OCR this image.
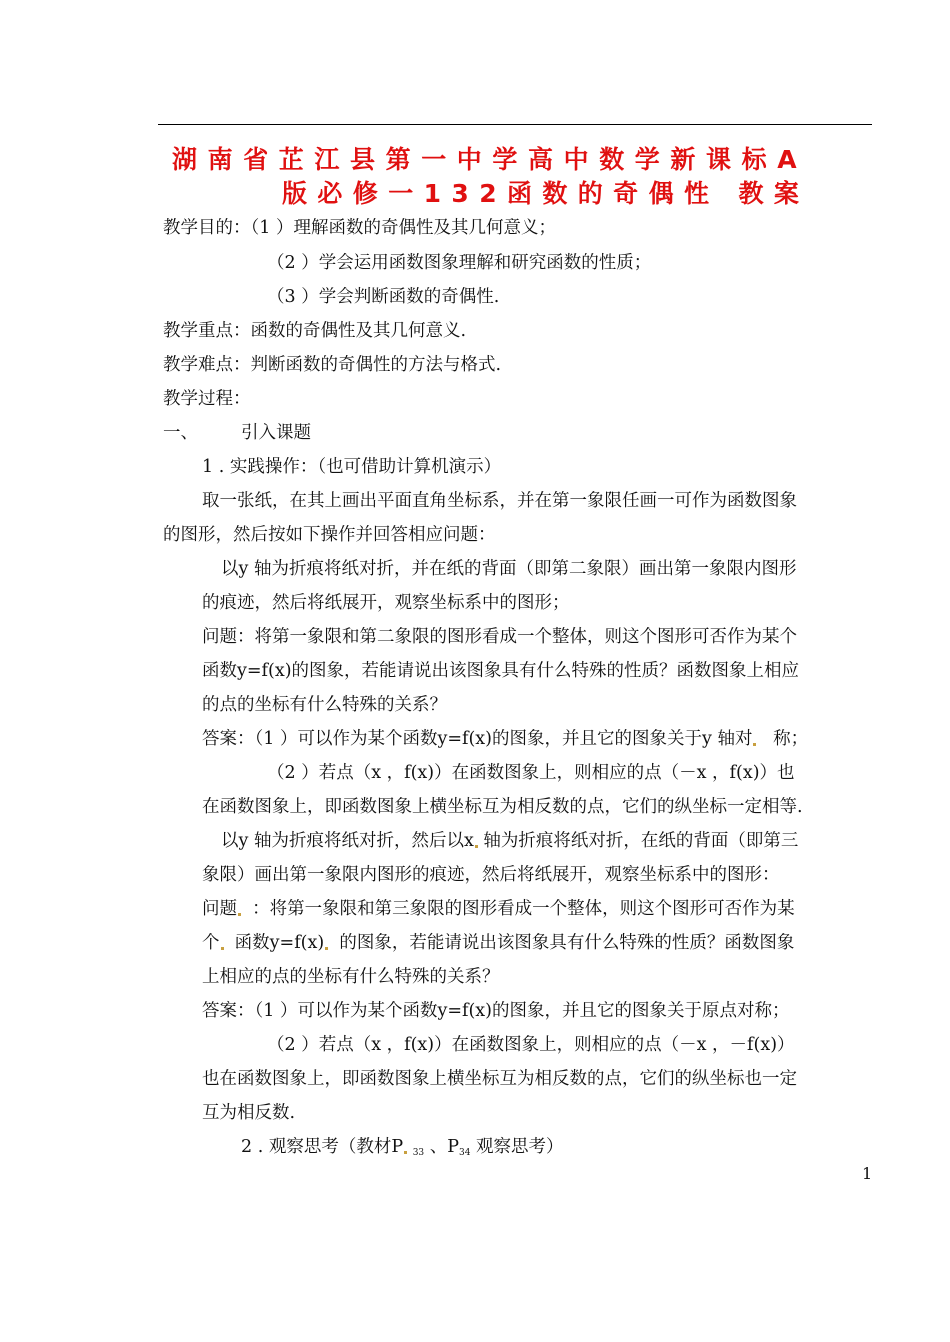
湖南省芷江县第一中学高中数学新课标A
版必修一132函数的奇偶性 教案
教学目的：（1 ）理解函数的奇偶性及其几何意义；
（2 ）学会运用函数图象理解和研究函数的性质；
（3 ）学会判断函数的奇偶性.
教学重点：函数的奇偶性及其几何意义.
教学难点：判断函数的奇偶性的方法与格式.
教学过程：
一、 引入课题
1 . 实践操作：（也可借助计算机演示）
取一张纸，在其上画出平面直角坐标系，并在第一象限任画一可作为函数图象
的图形，然后按如下操作并回答相应问题：
以y 轴为折痕将纸对折，并在纸的背面（即第二象限）画出第一象限内图形
的痕迹，然后将纸展开，观察坐标系中的图形；
问题：将第一象限和第二象限的图形看成一个整体，则这个图形可否作为某个
函数y=f(x)的图象，若能请说出该图象具有什么特殊的性质？函数图象上相应
的点的坐标有什么特殊的关系？
答案：（1 ）可以作为某个函数y=f(x)的图象，并且它的图象关于y 轴对 称；
（2 ）若点（x ，f(x)）在函数图象上，则相应的点（－x ，f(x)）也
在函数图象上，即函数图象上横坐标互为相反数的点，它们的纵坐标一定相等.
以y 轴为折痕将纸对折，然后以x 轴为折痕将纸对折，在纸的背面（即第三
象限）画出第一象限内图形的痕迹，然后将纸展开，观察坐标系中的图形：
问题 ：将第一象限和第三象限的图形看成一个整体，则这个图形可否作为某
个 函数y=f(x) 的图象，若能请说出该图象具有什么特殊的性质？函数图象
上相应的点的坐标有什么特殊的关系？
答案：（1 ）可以作为某个函数y=f(x)的图象，并且它的图象关于原点对称；
（2 ）若点（x ，f(x)）在函数图象上，则相应的点（－x ，－f(x)）
也在函数图象上，即函数图象上横坐标互为相反数的点，它们的纵坐标也一定
互为相反数.
2 . 观察思考（教材P $_{33}$ 、$P_{34}$ 观察思考）
1
